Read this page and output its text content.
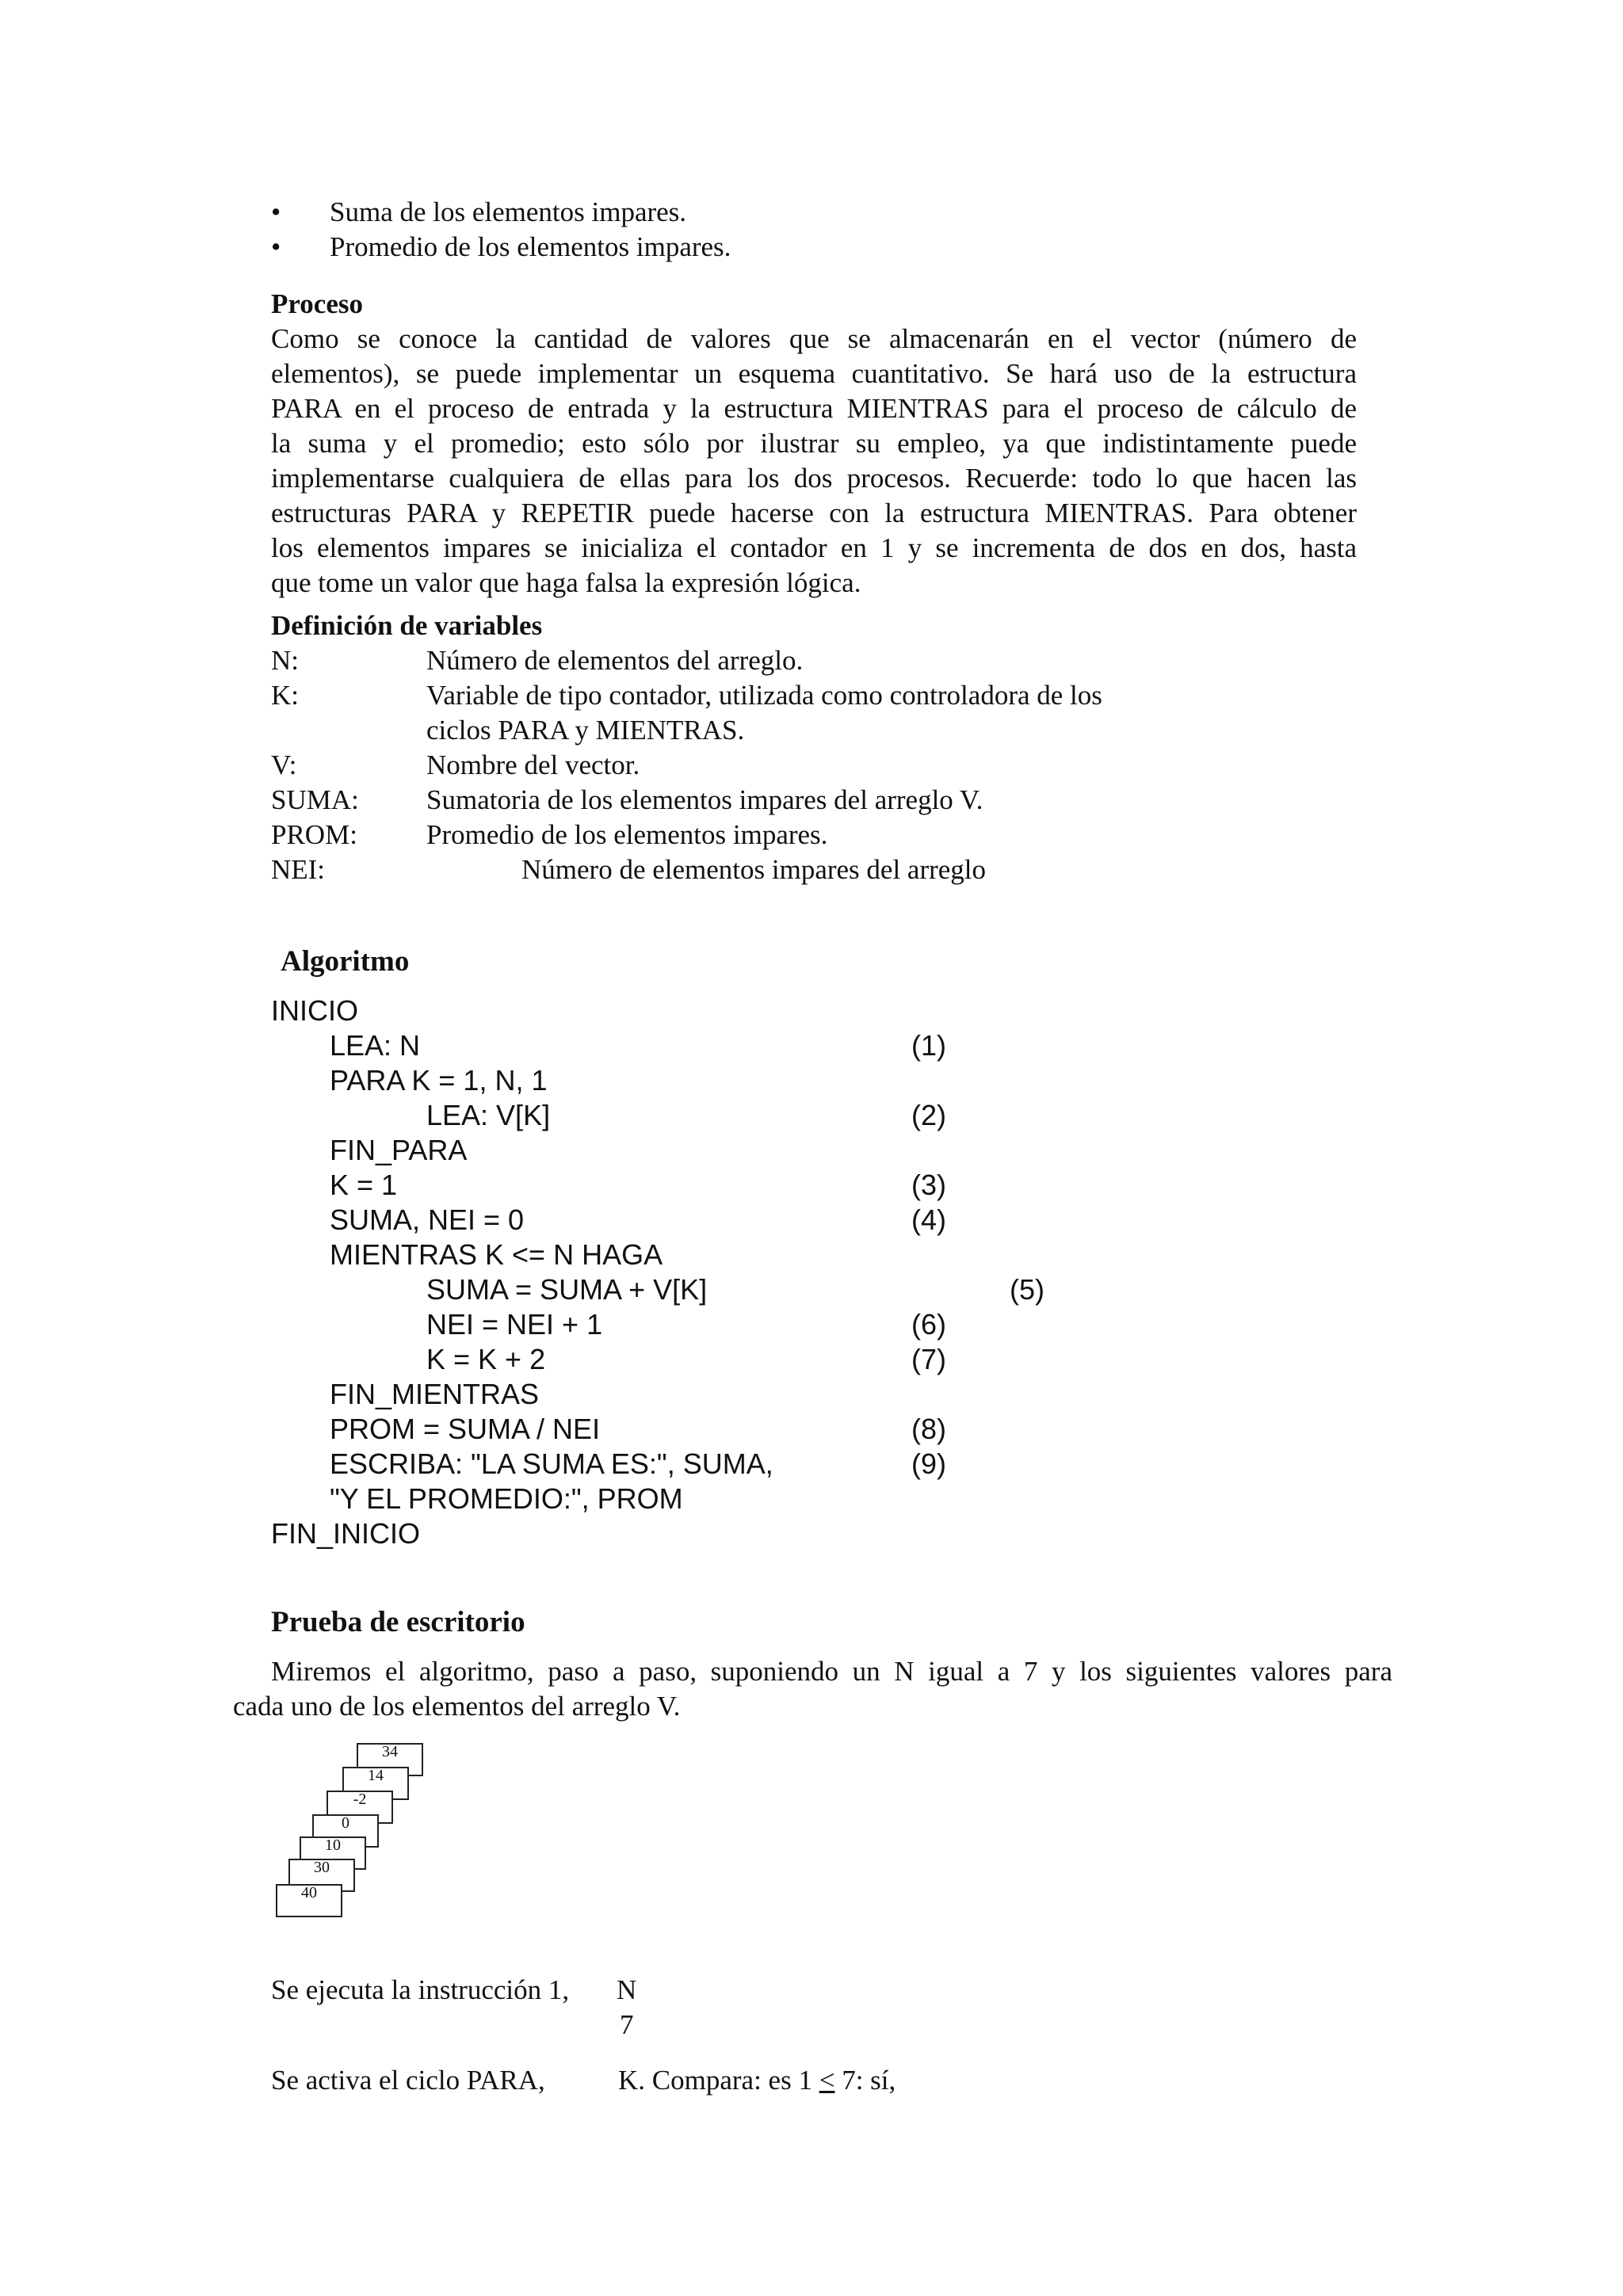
•	Suma de los elementos impares.
•	Promedio de los elementos impares.
Proceso
Como se conoce la cantidad de valores que se almacenarán en el vector (número de
elementos), se puede implementar un esquema cuantitativo. Se hará uso de la estructura
PARA en el proceso de entrada y la estructura MIENTRAS para el proceso de cálculo de
la suma y el promedio; esto sólo por ilustrar su empleo, ya que indistintamente puede
implementarse cualquiera de ellas para los dos procesos. Recuerde: todo lo que hacen las
estructuras PARA y REPETIR puede hacerse con la estructura MIENTRAS. Para obtener
los elementos impares se inicializa el contador en 1 y se incrementa de dos en dos, hasta
que tome un valor que haga falsa la expresión lógica.
Definición de variables
N:	Número de elementos del arreglo.
K:	Variable de tipo contador, utilizada como controladora de los
ciclos PARA y MIENTRAS.
V:	Nombre del vector.
SUMA:	Sumatoria de los elementos impares del arreglo V.
PROM:	Promedio de los elementos impares.
NEI:	Número de elementos impares del arreglo
Algoritmo
INICIO
LEA: N	(1)
PARA K = 1, N, 1
LEA: V[K]	(2)
FIN_PARA
K = 1	(3)
SUMA, NEI = 0	(4)
MIENTRAS K <= N HAGA
SUMA = SUMA + V[K]	(5)
NEI = NEI + 1	(6)
K = K + 2	(7)
FIN_MIENTRAS
PROM = SUMA / NEI	(8)
ESCRIBA: "LA SUMA ES:", SUMA,	(9)
"Y EL PROMEDIO:", PROM
FIN_INICIO
Prueba de escritorio
Miremos el algoritmo, paso a paso, suponiendo un N igual a 7 y los siguientes valores para
cada uno de los elementos del arreglo V.
34
14
-2
0
10
30
40
Se ejecuta la instrucción 1, N
7
Se activa el ciclo PARA,	K. Compara: es 1 < 7: sí,
